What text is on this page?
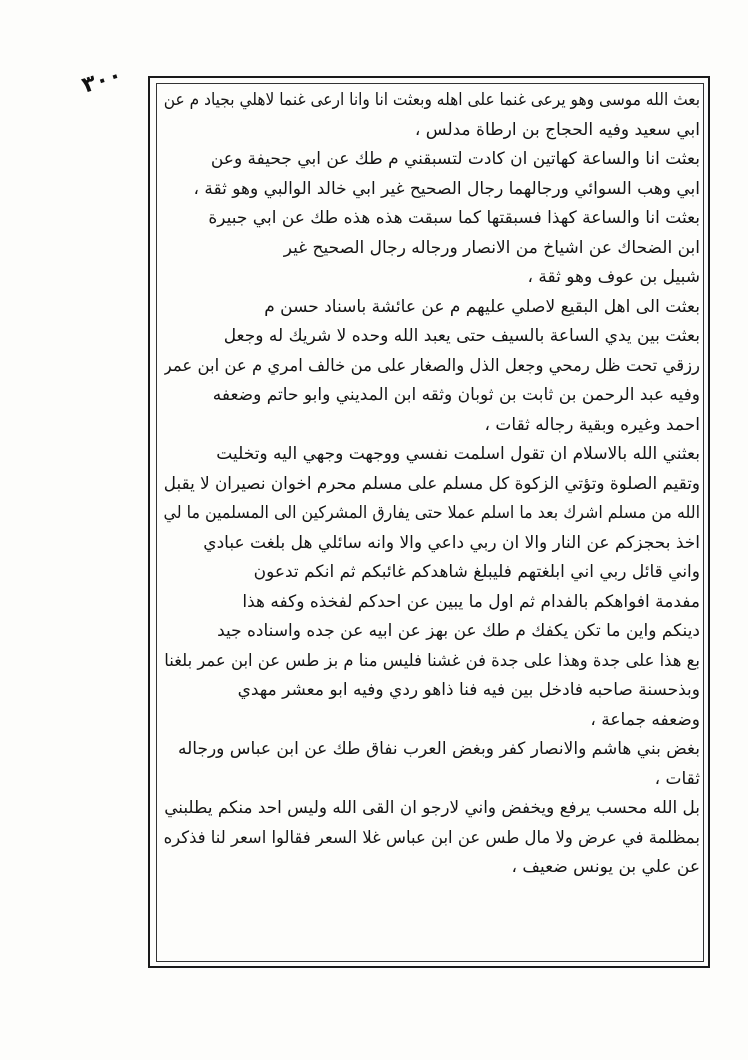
٣٠٠
بعث الله موسى وهو يرعى غنما على اهله وبعثت انا وانا ارعى غنما لاهلي بجياد م عن
ابي سعيد وفيه الحجاج بن ارطاة مدلس ،
بعثت انا والساعة كهاتين ان كادت لتسبقني م طك عن ابي جحيفة وعن
ابي وهب السوائي ورجالهما رجال الصحيح غير ابي خالد الوالبي وهو ثقة ،
بعثت انا والساعة كهذا فسبقتها كما سبقت هذه هذه طك عن ابي جبيرة
ابن الضحاك عن اشياخ من الانصار ورجاله رجال الصحيح غير
شبيل بن عوف وهو ثقة ،
بعثت الى اهل البقيع لاصلي عليهم م عن عائشة باسناد حسن م
بعثت بين يدي الساعة بالسيف حتى يعبد الله وحده لا شريك له وجعل
رزقي تحت ظل رمحي وجعل الذل والصغار على من خالف امري م عن ابن عمر
وفيه عبد الرحمن بن ثابت بن ثوبان وثقه ابن المديني وابو حاتم وضعفه
احمد وغيره وبقية رجاله ثقات ،
بعثني الله بالاسلام ان تقول اسلمت نفسي ووجهت وجهي اليه وتخليت
وتقيم الصلوة وتؤتي الزكوة كل مسلم على مسلم محرم اخوان نصيران لا يقبل
الله من مسلم اشرك بعد ما اسلم عملا حتى يفارق المشركين الى المسلمين ما لي
اخذ بحجزكم عن النار والا ان ربي داعي والا وانه سائلي هل بلغت عبادي
واني قائل ربي اني ابلغتهم فليبلغ شاهدكم غائبكم ثم انكم تدعون
مفدمة افواهكم بالفدام ثم اول ما يبين عن احدكم لفخذه وكفه هذا
دينكم واين ما تكن يكفك م طك عن بهز عن ابيه عن جده واسناده جيد
بع هذا على جدة وهذا على جدة فن غشنا فليس منا م بز طس عن ابن عمر بلغنا
وبذحسنة صاحبه فادخل بين فيه فنا ذاهو ردي وفيه ابو معشر مهدي
وضعفه جماعة ،
بغض بني هاشم والانصار كفر وبغض العرب نفاق طك عن ابن عباس ورجاله
ثقات ،
بل الله محسب يرفع ويخفض واني لارجو ان القى الله وليس احد منكم يطلبني
بمظلمة في عرض ولا مال طس عن ابن عباس غلا السعر فقالوا اسعر لنا فذكره
عن علي بن يونس ضعيف ،
